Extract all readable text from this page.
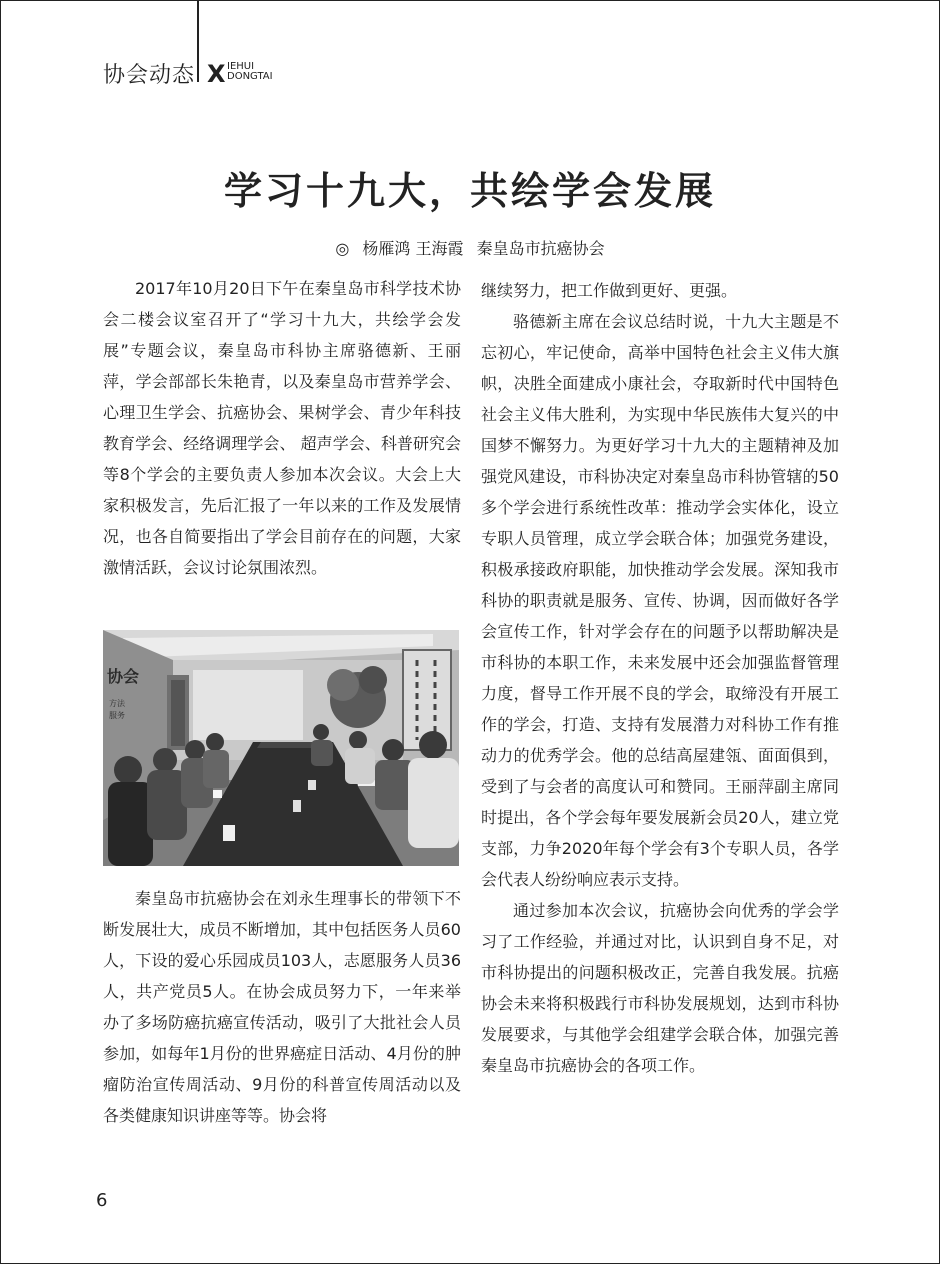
协会动态 X IEHUI
DONGTAI
学习十九大，共绘学会发展
◎ 杨雁鸿 王海霞 秦皇岛市抗癌协会

2017年10月20日下午在秦皇岛市科学技术协会二楼会议室召开了“学习十九大，共绘学会发展”专题会议，秦皇岛市科协主席骆德新、王丽萍，学会部部长朱艳青，以及秦皇岛市营养学会、心理卫生学会、抗癌协会、果树学会、青少年科技教育学会、经络调理学会、 超声学会、科普研究会等8个学会的主要负责人参加本次会议。大会上大家积极发言，先后汇报了一年以来的工作及发展情况，也各自简要指出了学会目前存在的问题，大家激情活跃，会议讨论氛围浓烈。

协会
方法
服务

秦皇岛市抗癌协会在刘永生理事长的带领下不断发展壮大，成员不断增加，其中包括医务人员60人，下设的爱心乐园成员103人，志愿服务人员36人，共产党员5人。在协会成员努力下，一年来举办了多场防癌抗癌宣传活动，吸引了大批社会人员参加，如每年1月份的世界癌症日活动、4月份的肿瘤防治宣传周活动、9月份的科普宣传周活动以及各类健康知识讲座等等。协会将

继续努力，把工作做到更好、更强。

骆德新主席在会议总结时说，十九大主题是不忘初心，牢记使命，高举中国特色社会主义伟大旗帜，决胜全面建成小康社会，夺取新时代中国特色社会主义伟大胜利，为实现中华民族伟大复兴的中国梦不懈努力。为更好学习十九大的主题精神及加强党风建设，市科协决定对秦皇岛市科协管辖的50多个学会进行系统性改革：推动学会实体化，设立专职人员管理，成立学会联合体；加强党务建设，积极承接政府职能，加快推动学会发展。深知我市科协的职责就是服务、宣传、协调，因而做好各学会宣传工作，针对学会存在的问题予以帮助解决是市科协的本职工作，未来发展中还会加强监督管理力度，督导工作开展不良的学会，取缔没有开展工作的学会，打造、支持有发展潜力对科协工作有推动力的优秀学会。他的总结高屋建瓴、面面俱到，受到了与会者的高度认可和赞同。王丽萍副主席同时提出，各个学会每年要发展新会员20人，建立党支部，力争2020年每个学会有3个专职人员，各学会代表人纷纷响应表示支持。

通过参加本次会议，抗癌协会向优秀的学会学习了工作经验，并通过对比，认识到自身不足，对市科协提出的问题积极改正，完善自我发展。抗癌协会未来将积极践行市科协发展规划，达到市科协发展要求，与其他学会组建学会联合体，加强完善秦皇岛市抗癌协会的各项工作。

6
